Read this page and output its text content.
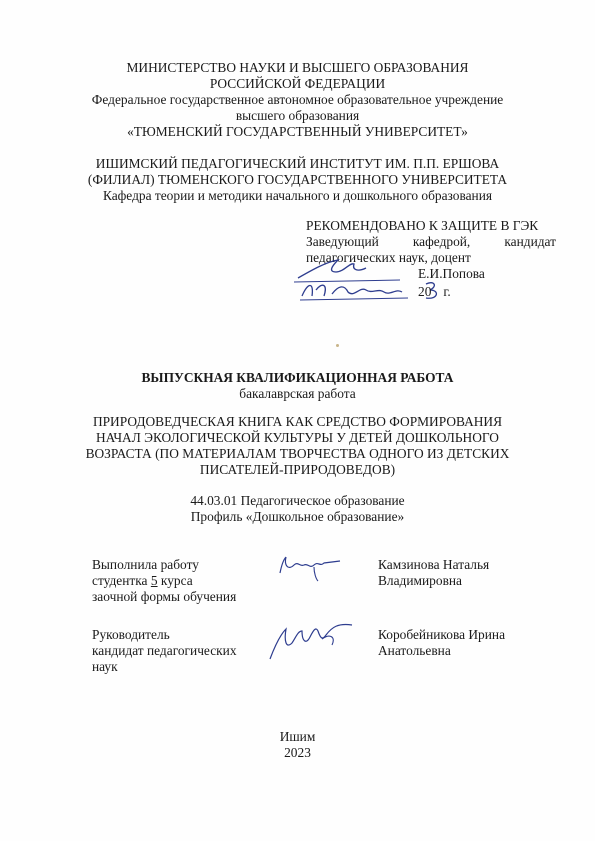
МИНИСТЕРСТВО НАУКИ И ВЫСШЕГО ОБРАЗОВАНИЯ
РОССИЙСКОЙ ФЕДЕРАЦИИ
Федеральное государственное автономное образовательное учреждение
высшего образования
«ТЮМЕНСКИЙ ГОСУДАРСТВЕННЫЙ УНИВЕРСИТЕТ»
ИШИМСКИЙ ПЕДАГОГИЧЕСКИЙ ИНСТИТУТ ИМ. П.П. ЕРШОВА
(ФИЛИАЛ) ТЮМЕНСКОГО ГОСУДАРСТВЕННОГО УНИВЕРСИТЕТА
Кафедра теории и методики начального и дошкольного образования
РЕКОМЕНДОВАНО К ЗАЩИТЕ В ГЭК
Заведующий	кафедрой,	кандидат
педагогических наук, доцент
Е.И.Попова
20 г.
ВЫПУСКНАЯ КВАЛИФИКАЦИОННАЯ РАБОТА
бакалаврская работа
ПРИРОДОВЕДЧЕСКАЯ КНИГА КАК СРЕДСТВО ФОРМИРОВАНИЯ
НАЧАЛ ЭКОЛОГИЧЕСКОЙ КУЛЬТУРЫ У ДЕТЕЙ ДОШКОЛЬНОГО
ВОЗРАСТА (ПО МАТЕРИАЛАМ ТВОРЧЕСТВА ОДНОГО ИЗ ДЕТСКИХ
ПИСАТЕЛЕЙ-ПРИРОДОВЕДОВ)
44.03.01 Педагогическое образование
Профиль «Дошкольное образование»
Выполнила работу
студентка 5 курса
заочной формы обучения
Камзинова Наталья
Владимировна
Руководитель
кандидат педагогических
наук
Коробейникова Ирина
Анатольевна
Ишим
2023
